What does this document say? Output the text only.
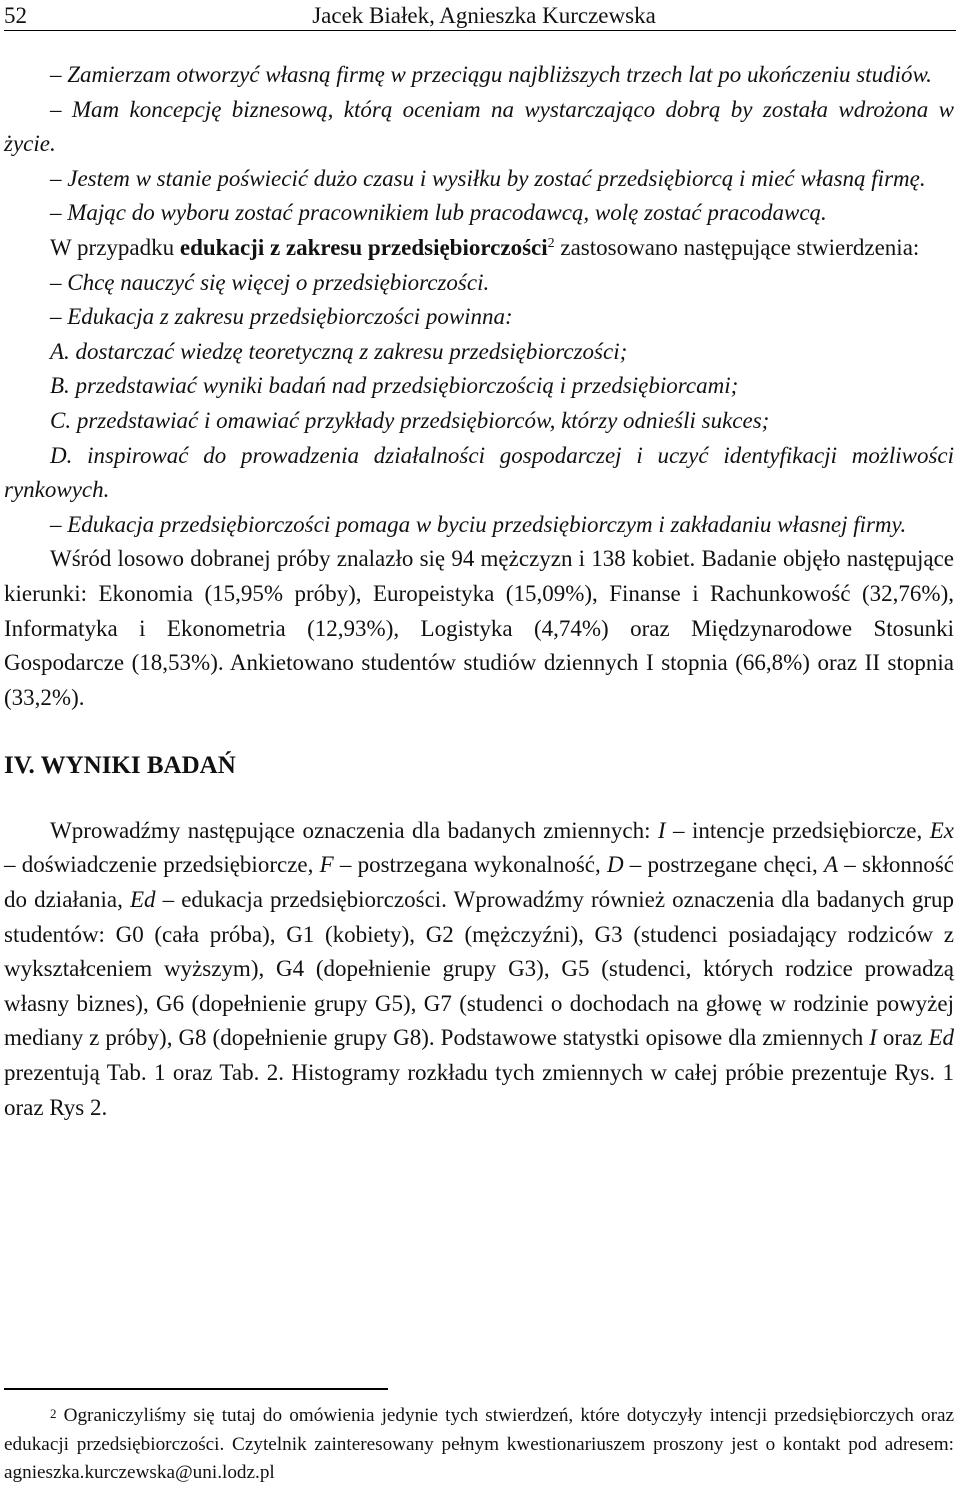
52	Jacek Białek, Agnieszka Kurczewska

– Zamierzam otworzyć własną firmę w przeciągu najbliższych trzech lat po ukończeniu studiów.

– Mam koncepcję biznesową, którą oceniam na wystarczająco dobrą by została wdrożona w życie.

– Jestem w stanie poświecić dużo czasu i wysiłku by zostać przedsiębiorcą i mieć własną firmę.

– Mając do wyboru zostać pracownikiem lub pracodawcą, wolę zostać pracodawcą.

W przypadku edukacji z zakresu przedsiębiorczości$^2$ zastosowano następujące stwierdzenia:

– Chcę nauczyć się więcej o przedsiębiorczości.

– Edukacja z zakresu przedsiębiorczości powinna:

A. dostarczać wiedzę teoretyczną z zakresu przedsiębiorczości;

B. przedstawiać wyniki badań nad przedsiębiorczością i przedsiębiorcami;

C. przedstawiać i omawiać przykłady przedsiębiorców, którzy odnieśli sukces;

D. inspirować do prowadzenia działalności gospodarczej i uczyć identyfikacji możliwości rynkowych.

– Edukacja przedsiębiorczości pomaga w byciu przedsiębiorczym i zakładaniu własnej firmy.

Wśród losowo dobranej próby znalazło się 94 mężczyzn i 138 kobiet. Badanie objęło następujące kierunki: Ekonomia (15,95% próby), Europeistyka (15,09%), Finanse i Rachunkowość (32,76%), Informatyka i Ekonometria (12,93%), Logistyka (4,74%) oraz Międzynarodowe Stosunki Gospodarcze (18,53%). Ankietowano studentów studiów dziennych I stopnia (66,8%) oraz II stopnia (33,2%).

IV. WYNIKI BADAŃ

Wprowadźmy następujące oznaczenia dla badanych zmiennych: I – intencje przedsiębiorcze, Ex – doświadczenie przedsiębiorcze, F – postrzegana wykonalność, D – postrzegane chęci, A – skłonność do działania, Ed – edukacja przedsiębiorczości. Wprowadźmy również oznaczenia dla badanych grup studentów: G0 (cała próba), G1 (kobiety), G2 (mężczyźni), G3 (studenci posiadający rodziców z wykształceniem wyższym), G4 (dopełnienie grupy G3), G5 (studenci, których rodzice prowadzą własny biznes), G6 (dopełnienie grupy G5), G7 (studenci o dochodach na głowę w rodzinie powyżej mediany z próby), G8 (dopełnienie grupy G8). Podstawowe statystki opisowe dla zmiennych I oraz Ed prezentują Tab. 1 oraz Tab. 2. Histogramy rozkładu tych zmiennych w całej próbie prezentuje Rys. 1 oraz Rys 2.

$^2$ Ograniczyliśmy się tutaj do omówienia jedynie tych stwierdzeń, które dotyczyły intencji przedsiębiorczych oraz edukacji przedsiębiorczości. Czytelnik zainteresowany pełnym kwestionariuszem proszony jest o kontakt pod adresem: agnieszka.kurczewska@uni.lodz.pl
